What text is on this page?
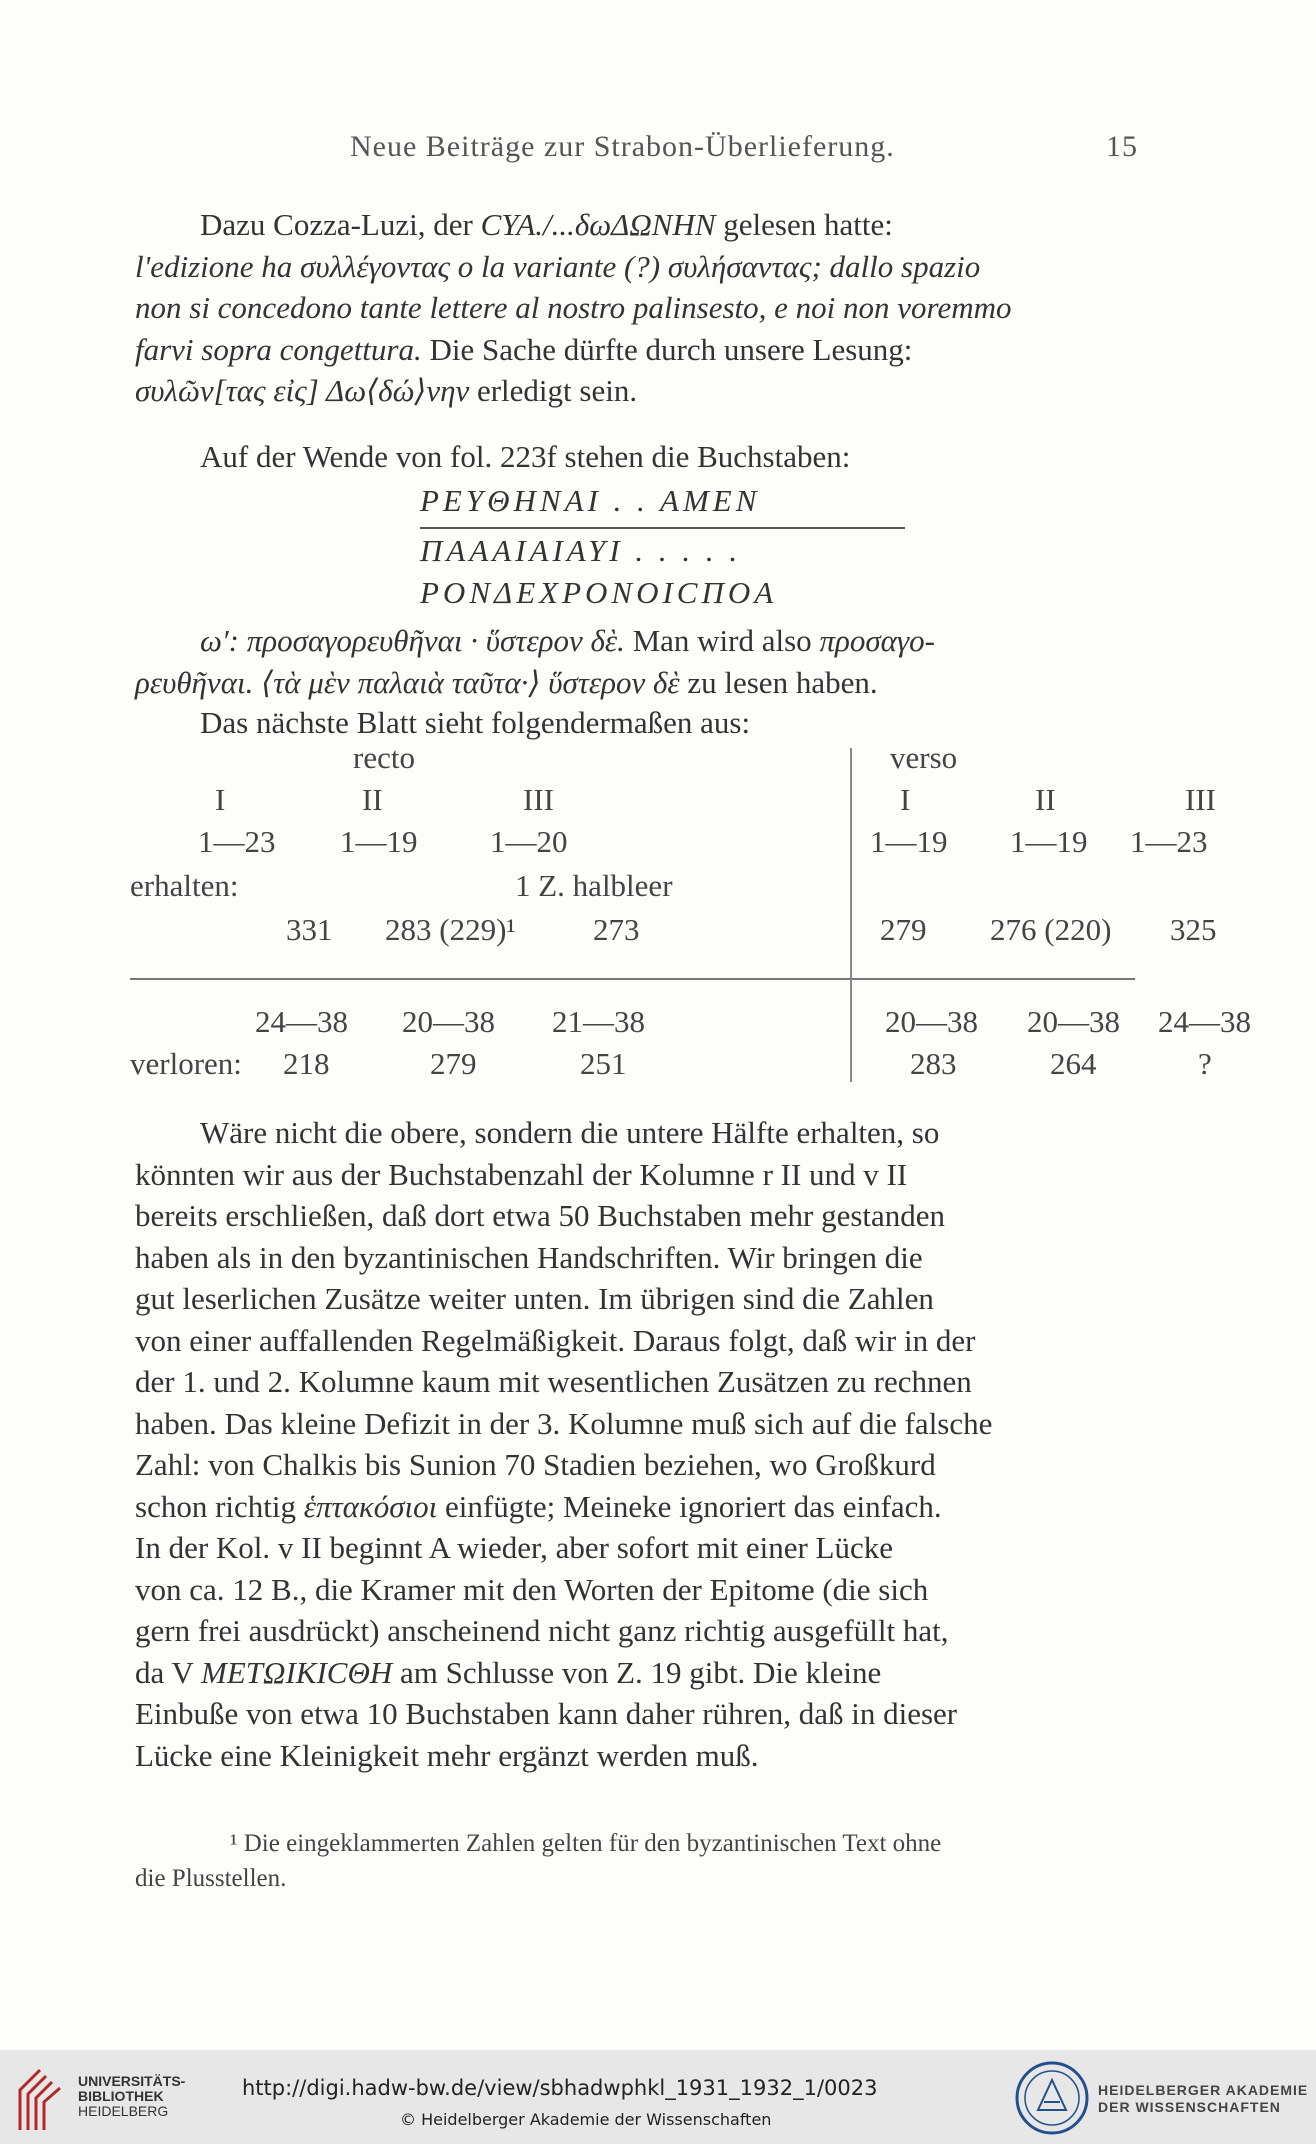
Neue Beiträge zur Strabon-Überlieferung.	15
Dazu Cozza-Luzi, der CYA./...δωΔΩNHN gelesen hatte:
l'edizione ha συλλέγοντας o la variante (?) συλήσαντας; dallo spazio
non si concedono tante lettere al nostro palinsesto, e noi non voremmo
farvi sopra congettura. Die Sache dürfte durch unsere Lesung:
συλῶν[τας εἰς] Δω⟨δώ⟩νην erledigt sein.
Auf der Wende von fol. 223f stehen die Buchstaben:
PEYΘHNAI . . AMEN
ΠAAAIAIAYI . . . . .
PONΔEXPONOICΠOA
ω′: προσαγορευθῆναι · ὕστερον δὲ. Man wird also προσαγο-
ρευθῆναι. ⟨τὰ μὲν παλαιὰ ταῦτα·⟩ ὕστερον δὲ zu lesen haben.
Das nächste Blatt sieht folgendermaßen aus:
recto	verso
I	II	III	I	II	III
1—23 1—19 1—20	1—19 1—19 1—23
erhalten:	1 Z. halbleer
331 283 (229)¹ 273	279 276 (220) 325
24—38 20—38 21—38	20—38 20—38 24—38
verloren: 218	279	251	283	264	?
Wäre nicht die obere, sondern die untere Hälfte erhalten, so
könnten wir aus der Buchstabenzahl der Kolumne r II und v II
bereits erschließen, daß dort etwa 50 Buchstaben mehr gestanden
haben als in den byzantinischen Handschriften. Wir bringen die
gut leserlichen Zusätze weiter unten. Im übrigen sind die Zahlen
von einer auffallenden Regelmäßigkeit. Daraus folgt, daß wir in der
der 1. und 2. Kolumne kaum mit wesentlichen Zusätzen zu rechnen
haben. Das kleine Defizit in der 3. Kolumne muß sich auf die falsche
Zahl: von Chalkis bis Sunion 70 Stadien beziehen, wo Großkurd
schon richtig ἑπτακόσιοι einfügte; Meineke ignoriert das einfach.
In der Kol. v II beginnt A wieder, aber sofort mit einer Lücke
von ca. 12 B., die Kramer mit den Worten der Epitome (die sich
gern frei ausdrückt) anscheinend nicht ganz richtig ausgefüllt hat,
da V METΩIKICΘH am Schlusse von Z. 19 gibt. Die kleine
Einbuße von etwa 10 Buchstaben kann daher rühren, daß in dieser
Lücke eine Kleinigkeit mehr ergänzt werden muß.
¹ Die eingeklammerten Zahlen gelten für den byzantinischen Text ohne
die Plusstellen.
UNIVERSITÄTS-
BIBLIOTHEK
HEIDELBERG
http://digi.hadw-bw.de/view/sbhadwphkl_1931_1932_1/0023
© Heidelberger Akademie der Wissenschaften
HEIDELBERGER AKADEMIE
DER WISSENSCHAFTEN
